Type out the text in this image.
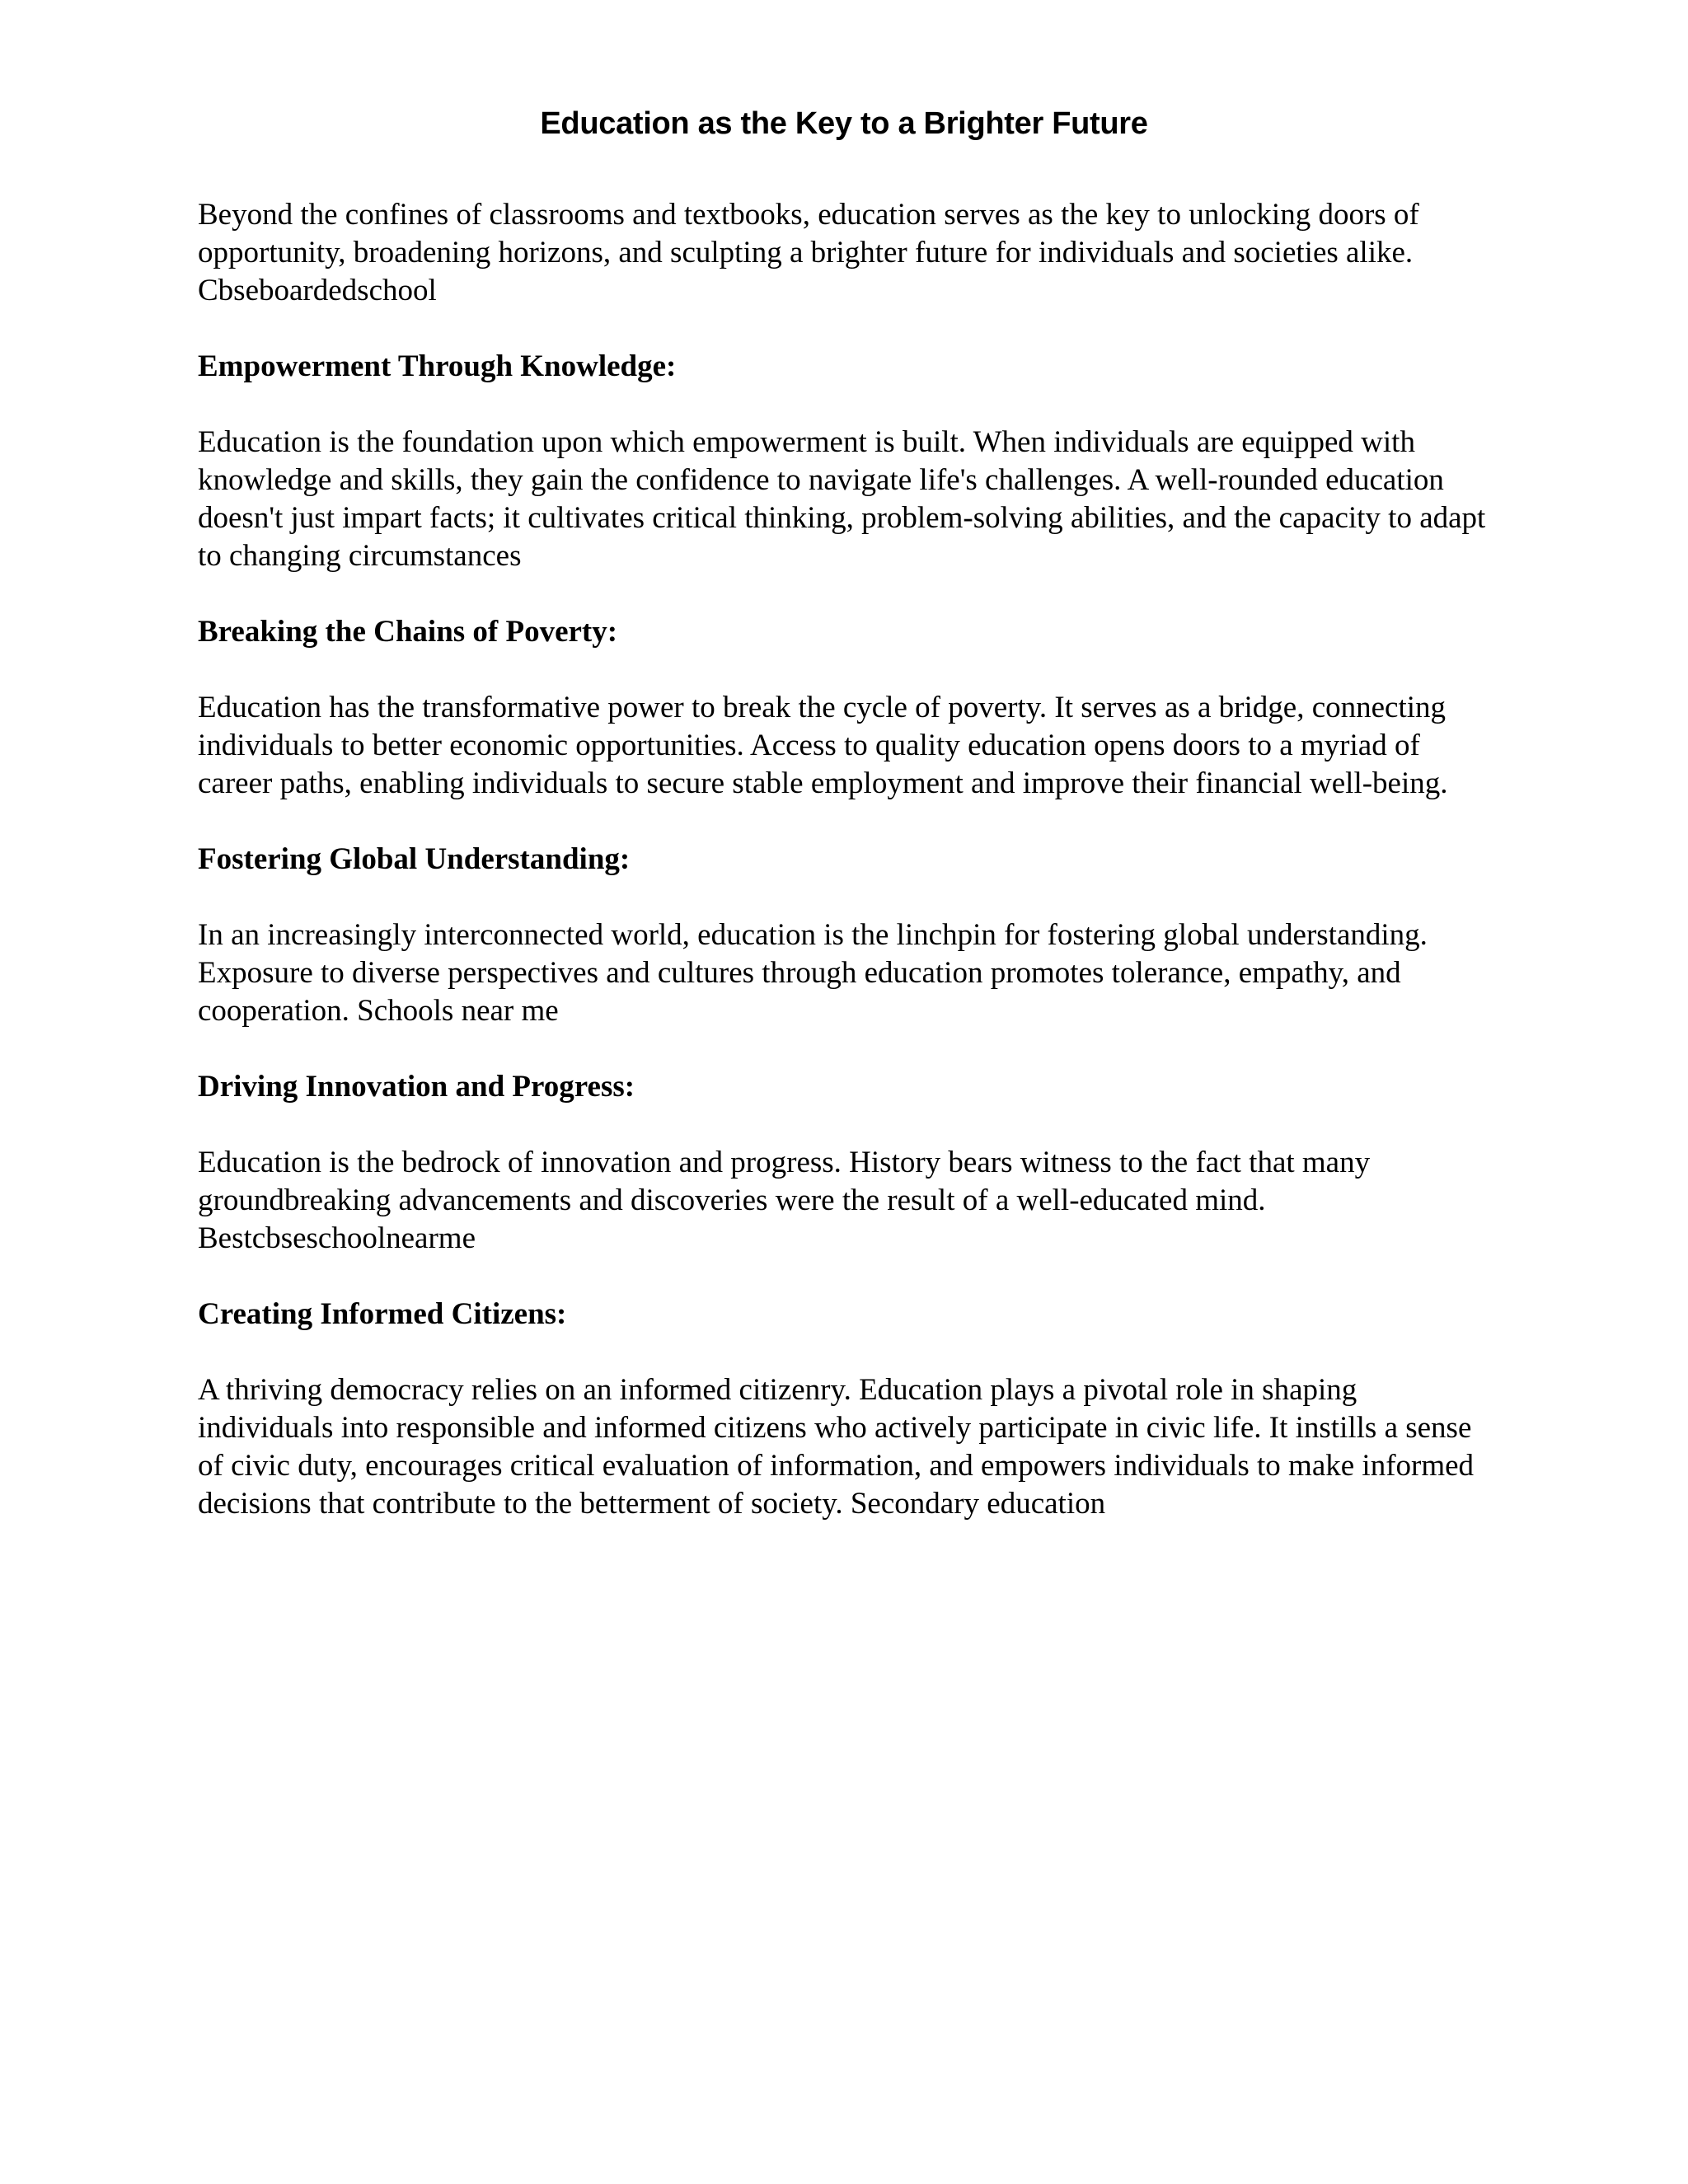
Education as the Key to a Brighter Future

Beyond the confines of classrooms and textbooks, education serves as the key to unlocking doors of opportunity, broadening horizons, and sculpting a brighter future for individuals and societies alike. Cbseboardedschool

Empowerment Through Knowledge:

Education is the foundation upon which empowerment is built. When individuals are equipped with knowledge and skills, they gain the confidence to navigate life's challenges. A well-rounded education doesn't just impart facts; it cultivates critical thinking, problem-solving abilities, and the capacity to adapt to changing circumstances

Breaking the Chains of Poverty:

Education has the transformative power to break the cycle of poverty. It serves as a bridge, connecting individuals to better economic opportunities. Access to quality education opens doors to a myriad of career paths, enabling individuals to secure stable employment and improve their financial well-being.

Fostering Global Understanding:

In an increasingly interconnected world, education is the linchpin for fostering global understanding. Exposure to diverse perspectives and cultures through education promotes tolerance, empathy, and cooperation. Schools near me

Driving Innovation and Progress:

Education is the bedrock of innovation and progress. History bears witness to the fact that many groundbreaking advancements and discoveries were the result of a well-educated mind. Bestcbseschoolnearme

Creating Informed Citizens:

A thriving democracy relies on an informed citizenry. Education plays a pivotal role in shaping individuals into responsible and informed citizens who actively participate in civic life. It instills a sense of civic duty, encourages critical evaluation of information, and empowers individuals to make informed decisions that contribute to the betterment of society. Secondary education
